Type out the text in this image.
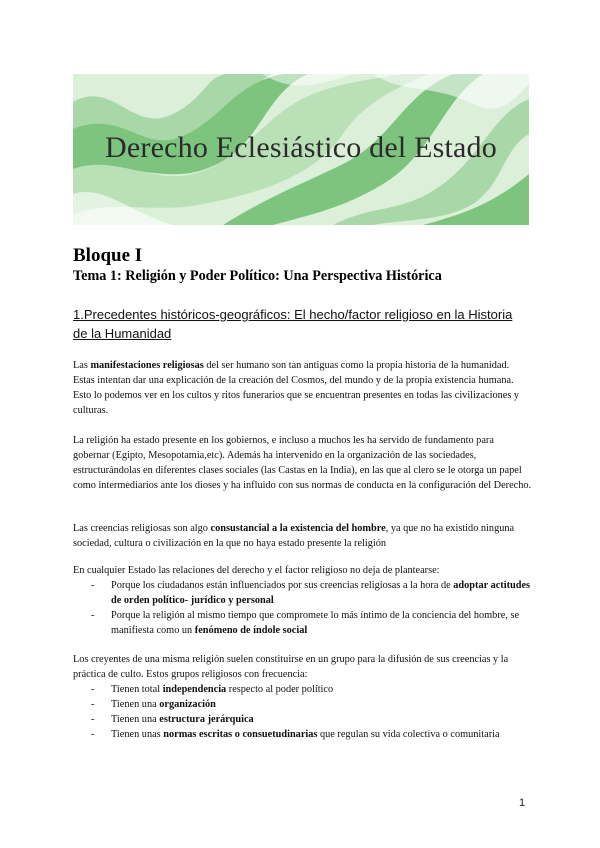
Derecho Eclesiástico del Estado
Bloque I
Tema 1: Religión y Poder Político: Una Perspectiva Histórica
1.Precedentes históricos-geográficos: El hecho/factor religioso en la Historia de la Humanidad

Las manifestaciones religiosas del ser humano son tan antiguas como la propia historia de la humanidad. Estas intentan dar una explicación de la creación del Cosmos, del mundo y de la propia existencia humana. Esto lo podemos ver en los cultos y ritos funerarios que se encuentran presentes en todas las civilizaciones y culturas.

La religión ha estado presente en los gobiernos, e incluso a muchos les ha servido de fundamento para gobernar (Egipto, Mesopotamia,etc). Además ha intervenido en la organización de las sociedades, estructurándolas en diferentes clases sociales (las Castas en la India), en las que al clero se le otorga un papel como intermediarios ante los dioses y ha influido con sus normas de conducta en la configuración del Derecho.

Las creencias religiosas son algo consustancial a la existencia del hombre, ya que no ha existido ninguna sociedad, cultura o civilización en la que no haya estado presente la religión

En cualquier Estado las relaciones del derecho y el factor religioso no deja de plantearse:
- Porque los ciudadanos están influenciados por sus creencias religiosas a la hora de adoptar actitudes de orden político- jurídico y personal
- Porque la religión al mismo tiempo que compromete lo más íntimo de la conciencia del hombre, se manifiesta como un fenómeno de índole social
Los creyentes de una misma religión suelen constituirse en un grupo para la difusión de sus creencias y la práctica de culto. Estos grupos religiosos con frecuencia:
- Tienen total independencia respecto al poder político
- Tienen una organización
- Tienen una estructura jerárquica
- Tienen unas normas escritas o consuetudinarias que regulan su vida colectiva o comunitaria
1
